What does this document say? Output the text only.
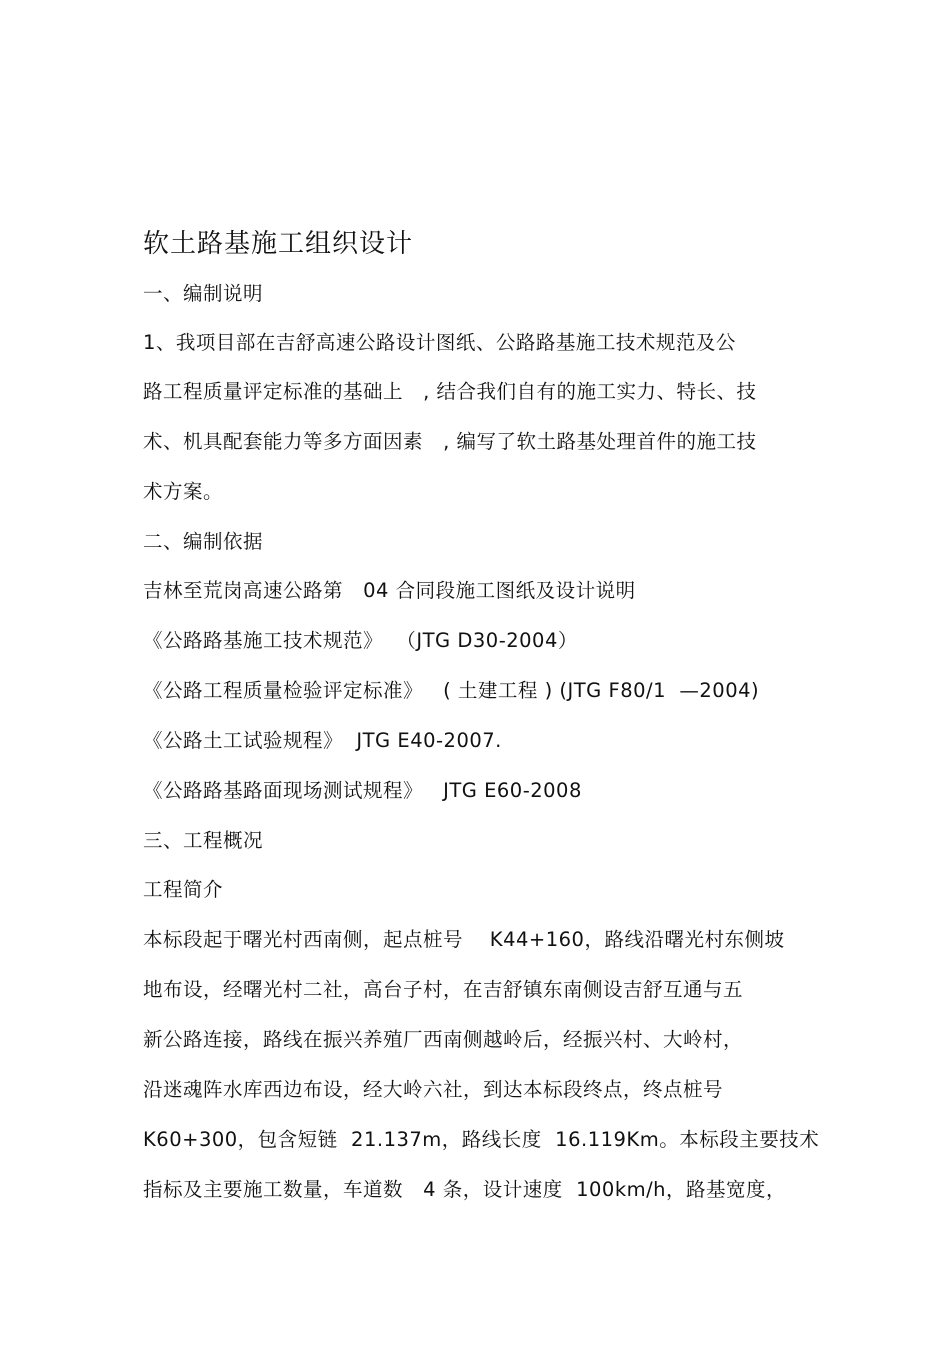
软土路基施工组织设计
一、编制说明
1、我项目部在吉舒高速公路设计图纸、公路路基施工技术规范及公
路工程质量评定标准的基础上   , 结合我们自有的施工实力、特长、技
术、机具配套能力等多方面因素   , 编写了软土路基处理首件的施工技
术方案。
二、编制依据
吉林至荒岗高速公路第   04 合同段施工图纸及设计说明
《公路路基施工技术规范》  （JTG D30-2004）
《公路工程质量检验评定标准》   ( 土建工程 ) (JTG F80/1  —2004)
《公路土工试验规程》  JTG E40-2007.
《公路路基路面现场测试规程》   JTG E60-2008
三、工程概况
工程简介
本标段起于曙光村西南侧，起点桩号    K44+160，路线沿曙光村东侧坡
地布设，经曙光村二社，高台子村，在吉舒镇东南侧设吉舒互通与五
新公路连接，路线在振兴养殖厂西南侧越岭后，经振兴村、大岭村，
沿迷魂阵水库西边布设，经大岭六社，到达本标段终点，终点桩号
K60+300，包含短链  21.137m，路线长度  16.119Km。本标段主要技术
指标及主要施工数量，车道数   4 条，设计速度  100km/h，路基宽度，
